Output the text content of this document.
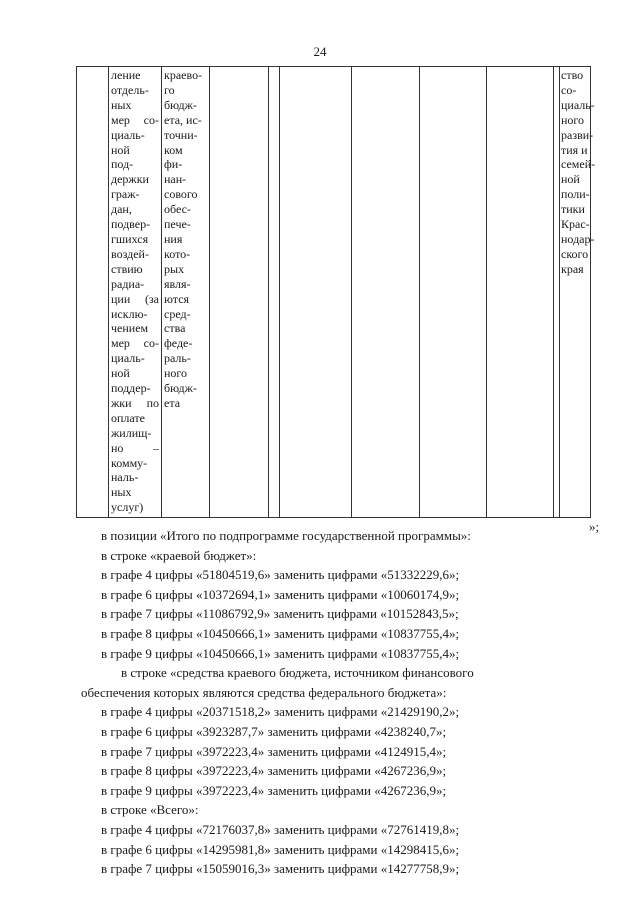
24
ление
отдель-
ных
мер со-
циаль-
ной
под-
держки
граж-
дан,
подвер-
гшихся
воздей-
ствию
радиа-
ции (за
исклю-
чением
мер со-
циаль-
ной
поддер-
жки по
оплате
жилищ-
но –
комму-
наль-
ных
услуг)
краево-
го
бюдж-
ета, ис-
точни-
ком
фи-
нан-
сового
обес-
пече-
ния
кото-
рых
явля-
ются
сред-
ства
феде-
раль-
ного
бюдж-
ета
ство
со-
циаль-
ного
разви-
тия и
семей-
ной
поли-
тики
Крас-
нодар-
ского
края
»;
в позиции «Итого по подпрограмме государственной программы»:
в строке «краевой бюджет»:
в графе 4 цифры «51804519,6» заменить цифрами «51332229,6»;
в графе 6 цифры «10372694,1» заменить цифрами «10060174,9»;
в графе 7 цифры «11086792,9» заменить цифрами «10152843,5»;
в графе 8 цифры «10450666,1» заменить цифрами «10837755,4»;
в графе 9 цифры «10450666,1» заменить цифрами «10837755,4»;
в строке «средства краевого бюджета, источником финансового
обеспечения которых являются средства федерального бюджета»:
в графе 4 цифры «20371518,2» заменить цифрами «21429190,2»;
в графе 6 цифры «3923287,7» заменить цифрами «4238240,7»;
в графе 7 цифры «3972223,4» заменить цифрами «4124915,4»;
в графе 8 цифры «3972223,4» заменить цифрами «4267236,9»;
в графе 9 цифры «3972223,4» заменить цифрами «4267236,9»;
в строке «Всего»:
в графе 4 цифры «72176037,8» заменить цифрами «72761419,8»;
в графе 6 цифры «14295981,8» заменить цифрами «14298415,6»;
в графе 7 цифры «15059016,3» заменить цифрами «14277758,9»;
